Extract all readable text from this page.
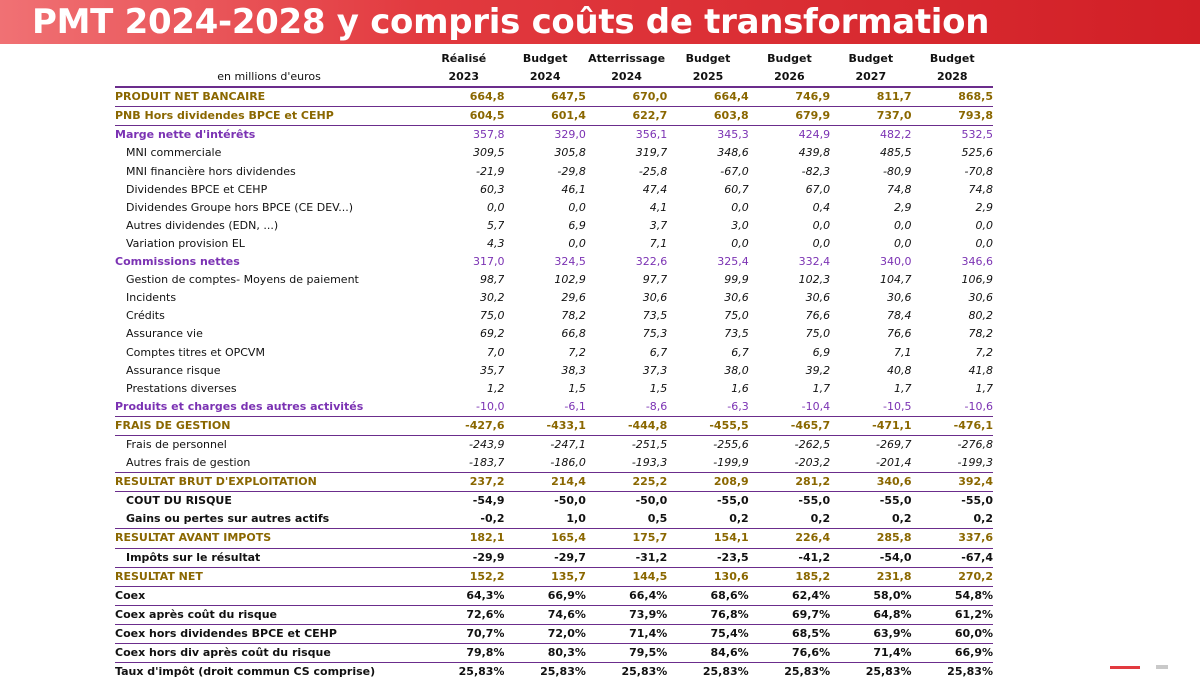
PMT 2024-2028 y compris coûts de transformation
	Réalisé	Budget	Atterrissage	Budget	Budget	Budget	Budget
en millions d'euros	2023	2024	2024	2025	2026	2027	2028
PRODUIT NET BANCAIRE	664,8	647,5	670,0	664,4	746,9	811,7	868,5
PNB Hors dividendes BPCE et CEHP	604,5	601,4	622,7	603,8	679,9	737,0	793,8
Marge nette d'intérêts	357,8	329,0	356,1	345,3	424,9	482,2	532,5
MNI commerciale	309,5	305,8	319,7	348,6	439,8	485,5	525,6
MNI financière hors dividendes	-21,9	-29,8	-25,8	-67,0	-82,3	-80,9	-70,8
Dividendes BPCE et CEHP	60,3	46,1	47,4	60,7	67,0	74,8	74,8
Dividendes Groupe hors BPCE (CE DEV...)	0,0	0,0	4,1	0,0	0,4	2,9	2,9
Autres dividendes (EDN, ...)	5,7	6,9	3,7	3,0	0,0	0,0	0,0
Variation provision EL	4,3	0,0	7,1	0,0	0,0	0,0	0,0
Commissions nettes	317,0	324,5	322,6	325,4	332,4	340,0	346,6
Gestion de comptes- Moyens de paiement	98,7	102,9	97,7	99,9	102,3	104,7	106,9
Incidents	30,2	29,6	30,6	30,6	30,6	30,6	30,6
Crédits	75,0	78,2	73,5	75,0	76,6	78,4	80,2
Assurance vie	69,2	66,8	75,3	73,5	75,0	76,6	78,2
Comptes titres et OPCVM	7,0	7,2	6,7	6,7	6,9	7,1	7,2
Assurance risque	35,7	38,3	37,3	38,0	39,2	40,8	41,8
Prestations diverses	1,2	1,5	1,5	1,6	1,7	1,7	1,7
Produits et charges des autres activités	-10,0	-6,1	-8,6	-6,3	-10,4	-10,5	-10,6
FRAIS DE GESTION	-427,6	-433,1	-444,8	-455,5	-465,7	-471,1	-476,1
Frais de personnel	-243,9	-247,1	-251,5	-255,6	-262,5	-269,7	-276,8
Autres frais de gestion	-183,7	-186,0	-193,3	-199,9	-203,2	-201,4	-199,3
RESULTAT BRUT D'EXPLOITATION	237,2	214,4	225,2	208,9	281,2	340,6	392,4
COUT DU RISQUE	-54,9	-50,0	-50,0	-55,0	-55,0	-55,0	-55,0
Gains ou pertes sur autres actifs	-0,2	1,0	0,5	0,2	0,2	0,2	0,2
RESULTAT AVANT IMPOTS	182,1	165,4	175,7	154,1	226,4	285,8	337,6
Impôts sur le résultat	-29,9	-29,7	-31,2	-23,5	-41,2	-54,0	-67,4
RESULTAT NET	152,2	135,7	144,5	130,6	185,2	231,8	270,2
Coex	64,3%	66,9%	66,4%	68,6%	62,4%	58,0%	54,8%
Coex après coût du risque	72,6%	74,6%	73,9%	76,8%	69,7%	64,8%	61,2%
Coex hors dividendes BPCE et CEHP	70,7%	72,0%	71,4%	75,4%	68,5%	63,9%	60,0%
Coex hors div après coût du risque	79,8%	80,3%	79,5%	84,6%	76,6%	71,4%	66,9%
Taux d'impôt (droit commun CS comprise)	25,83%	25,83%	25,83%	25,83%	25,83%	25,83%	25,83%
